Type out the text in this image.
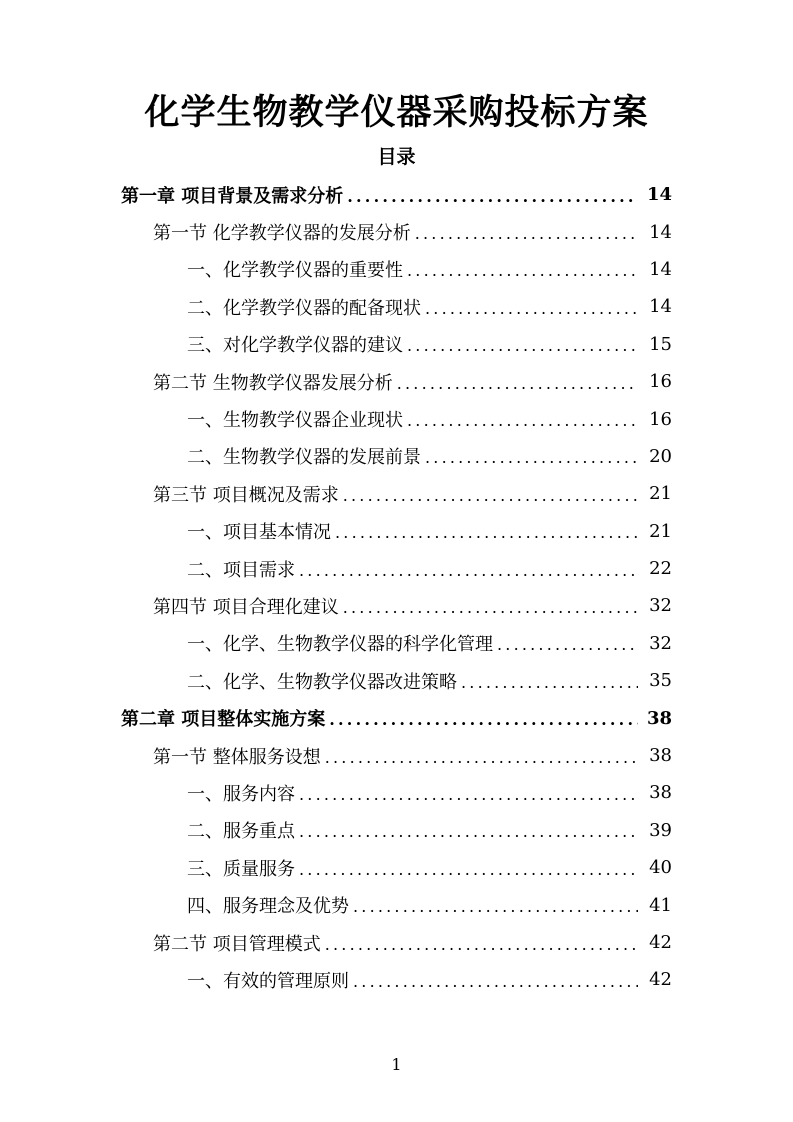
化学生物教学仪器采购投标方案
目录
第一章 项目背景及需求分析 .....	14
第一节 化学教学仪器的发展分析 .....	14
一、化学教学仪器的重要性 .....	14
二、化学教学仪器的配备现状 .....	14
三、对化学教学仪器的建议 .....	15
第二节 生物教学仪器发展分析 .....	16
一、生物教学仪器企业现状 .....	16
二、生物教学仪器的发展前景 .....	20
第三节 项目概况及需求 .....	21
一、项目基本情况 .....	21
二、项目需求 .....	22
第四节 项目合理化建议 .....	32
一、化学、生物教学仪器的科学化管理 .....	32
二、化学、生物教学仪器改进策略 .....	35
第二章 项目整体实施方案 .....	38
第一节 整体服务设想 .....	38
一、服务内容 .....	38
二、服务重点 .....	39
三、质量服务 .....	40
四、服务理念及优势 .....	41
第二节 项目管理模式 .....	42
一、有效的管理原则 .....	42
1
